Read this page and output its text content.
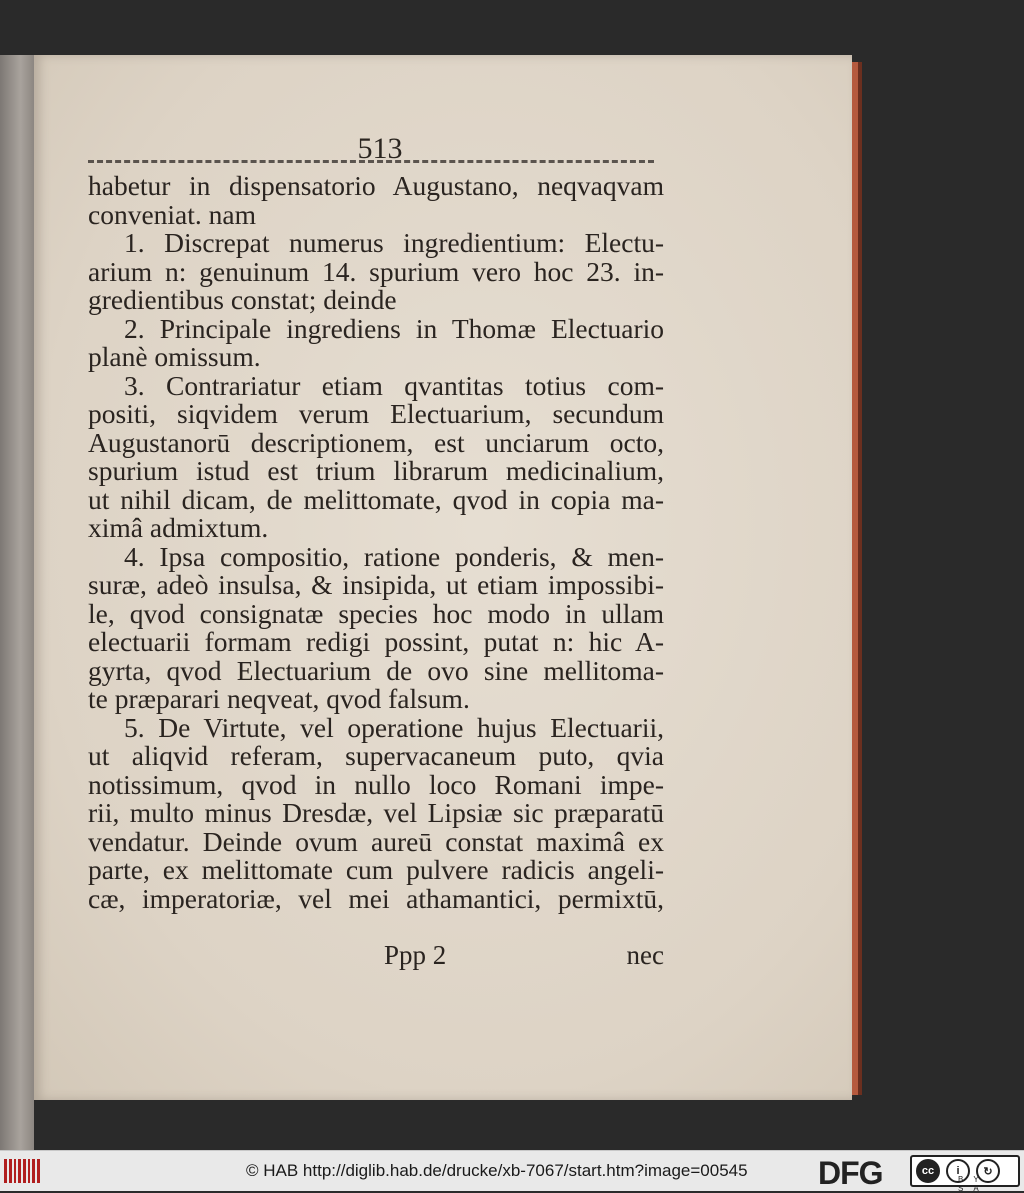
513
habetur in dispensatorio Augustano, neqvaqvam
conveniat. nam
1. Discrepat numerus ingredientium: Electu-
arium n: genuinum 14. spurium vero hoc 23. in-
gredientibus constat; deinde
2. Principale ingrediens in Thomæ Electuario
planè omissum.
3. Contrariatur etiam qvantitas totius com-
positi, siqvidem verum Electuarium, secundum
Augustanorū descriptionem, est unciarum octo,
spurium istud est trium librarum medicinalium,
ut nihil dicam, de melittomate, qvod in copia ma-
ximâ admixtum.
4. Ipsa compositio, ratione ponderis, & men-
suræ, adeò insulsa, & insipida, ut etiam impossibi-
le, qvod consignatæ species hoc modo in ullam
electuarii formam redigi possint, putat n: hic A-
gyrta, qvod Electuarium de ovo sine mellitoma-
te præparari neqveat, qvod falsum.
5. De Virtute, vel operatione hujus Electuarii,
ut aliqvid referam, supervacaneum puto, qvia
notissimum, qvod in nullo loco Romani impe-
rii, multo minus Dresdæ, vel Lipsiæ sic præparatū
vendatur. Deinde ovum aureū constat maximâ ex
parte, ex melittomate cum pulvere radicis angeli-
cæ, imperatoriæ, vel mei athamantici, permixtū,
Ppp 2	nec
© HAB http://diglib.hab.de/drucke/xb-7067/start.htm?image=00545 DFG	cc	i	↻
BY SA
